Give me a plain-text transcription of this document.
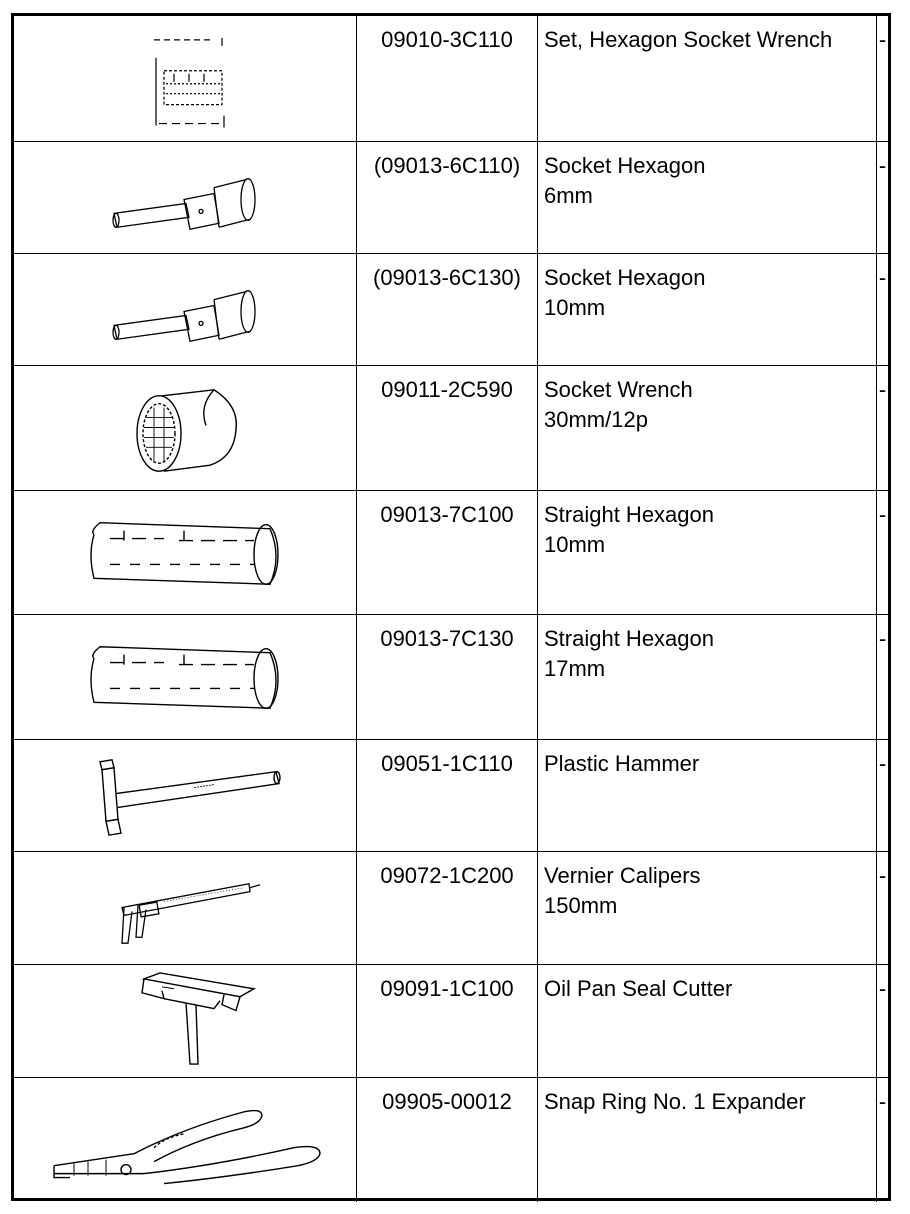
	09010-3C110	Set, Hexagon Socket Wrench	-

	(09013-6C110)	Socket Hexagon
6mm	-

	(09013-6C130)	Socket Hexagon
10mm	-

	09011-2C590	Socket Wrench
30mm/12p	-

	09013-7C100	Straight Hexagon
10mm	-

	09013-7C130	Straight Hexagon
17mm	-

	09051-1C110	Plastic Hammer	-

	09072-1C200	Vernier Calipers
150mm	-

	09091-1C100	Oil Pan Seal Cutter	-

	09905-00012	Snap Ring No. 1 Expander	-
